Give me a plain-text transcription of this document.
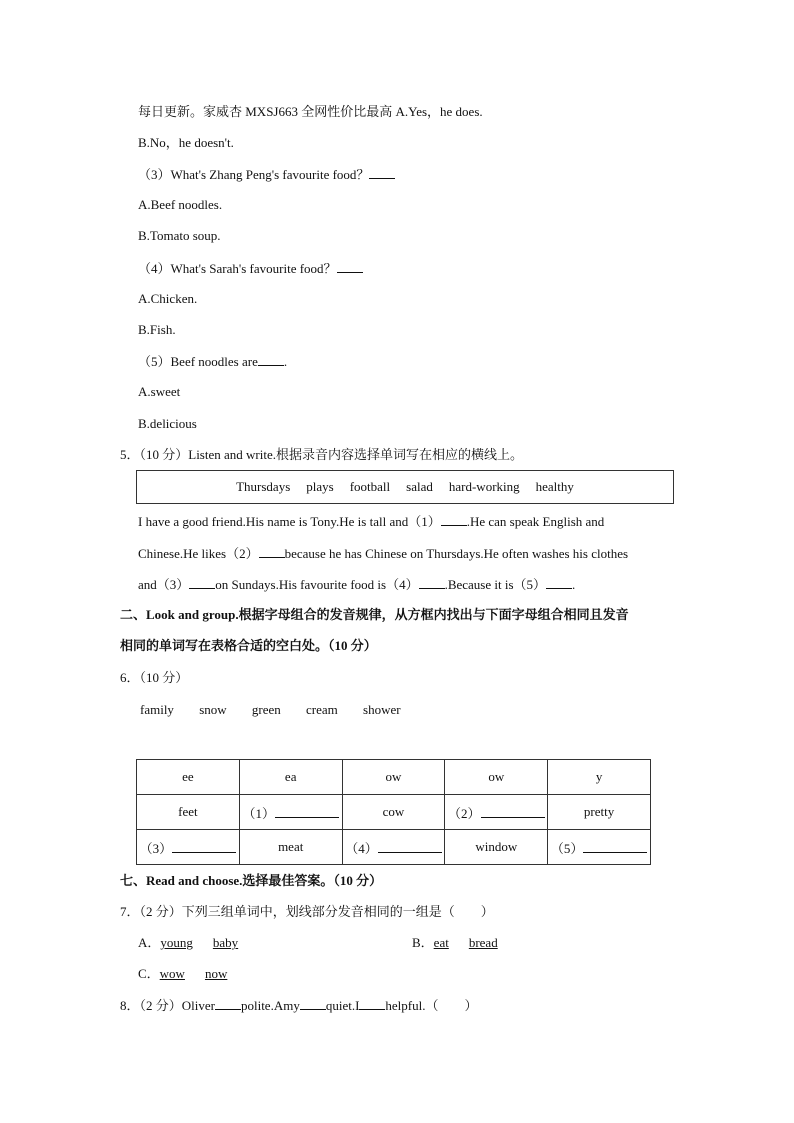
每日更新。家威杏 MXSJ663 全网性价比最高 A.Yes，he does.
B.No，he doesn't.
（3）What's Zhang Peng's favourite food？
A.Beef noodles.
B.Tomato soup.
（4）What's Sarah's favourite food？
A.Chicken.
B.Fish.
（5）Beef noodles are .
A.sweet
B.delicious
5．（10 分）Listen and write.根据录音内容选择单词写在相应的横线上。
Thursdays plays football salad hard-working healthy
I have a good friend.His name is Tony.He is tall and（1） .He can speak English and
Chinese.He likes（2） because he has Chinese on Thursdays.He often washes his clothes
and（3） on Sundays.His favourite food is（4） .Because it is（5） .
二、Look and group.根据字母组合的发音规律，从方框内找出与下面字母组合相同且发音
相同的单词写在表格合适的空白处。（10 分）
6．（10 分）
family snow green cream shower
ee	ea	ow	ow	y
feet	（1）	cow	（2）	pretty
（3）	meat	（4）	window	（5）
七、Read and choose.选择最佳答案。（10 分）
7．（2 分）下列三组单词中，划线部分发音相同的一组是（　　）
A．young baby	B．eat bread
C．wow now
8．（2 分）Oliver polite.Amy quiet.I helpful.（　　）
